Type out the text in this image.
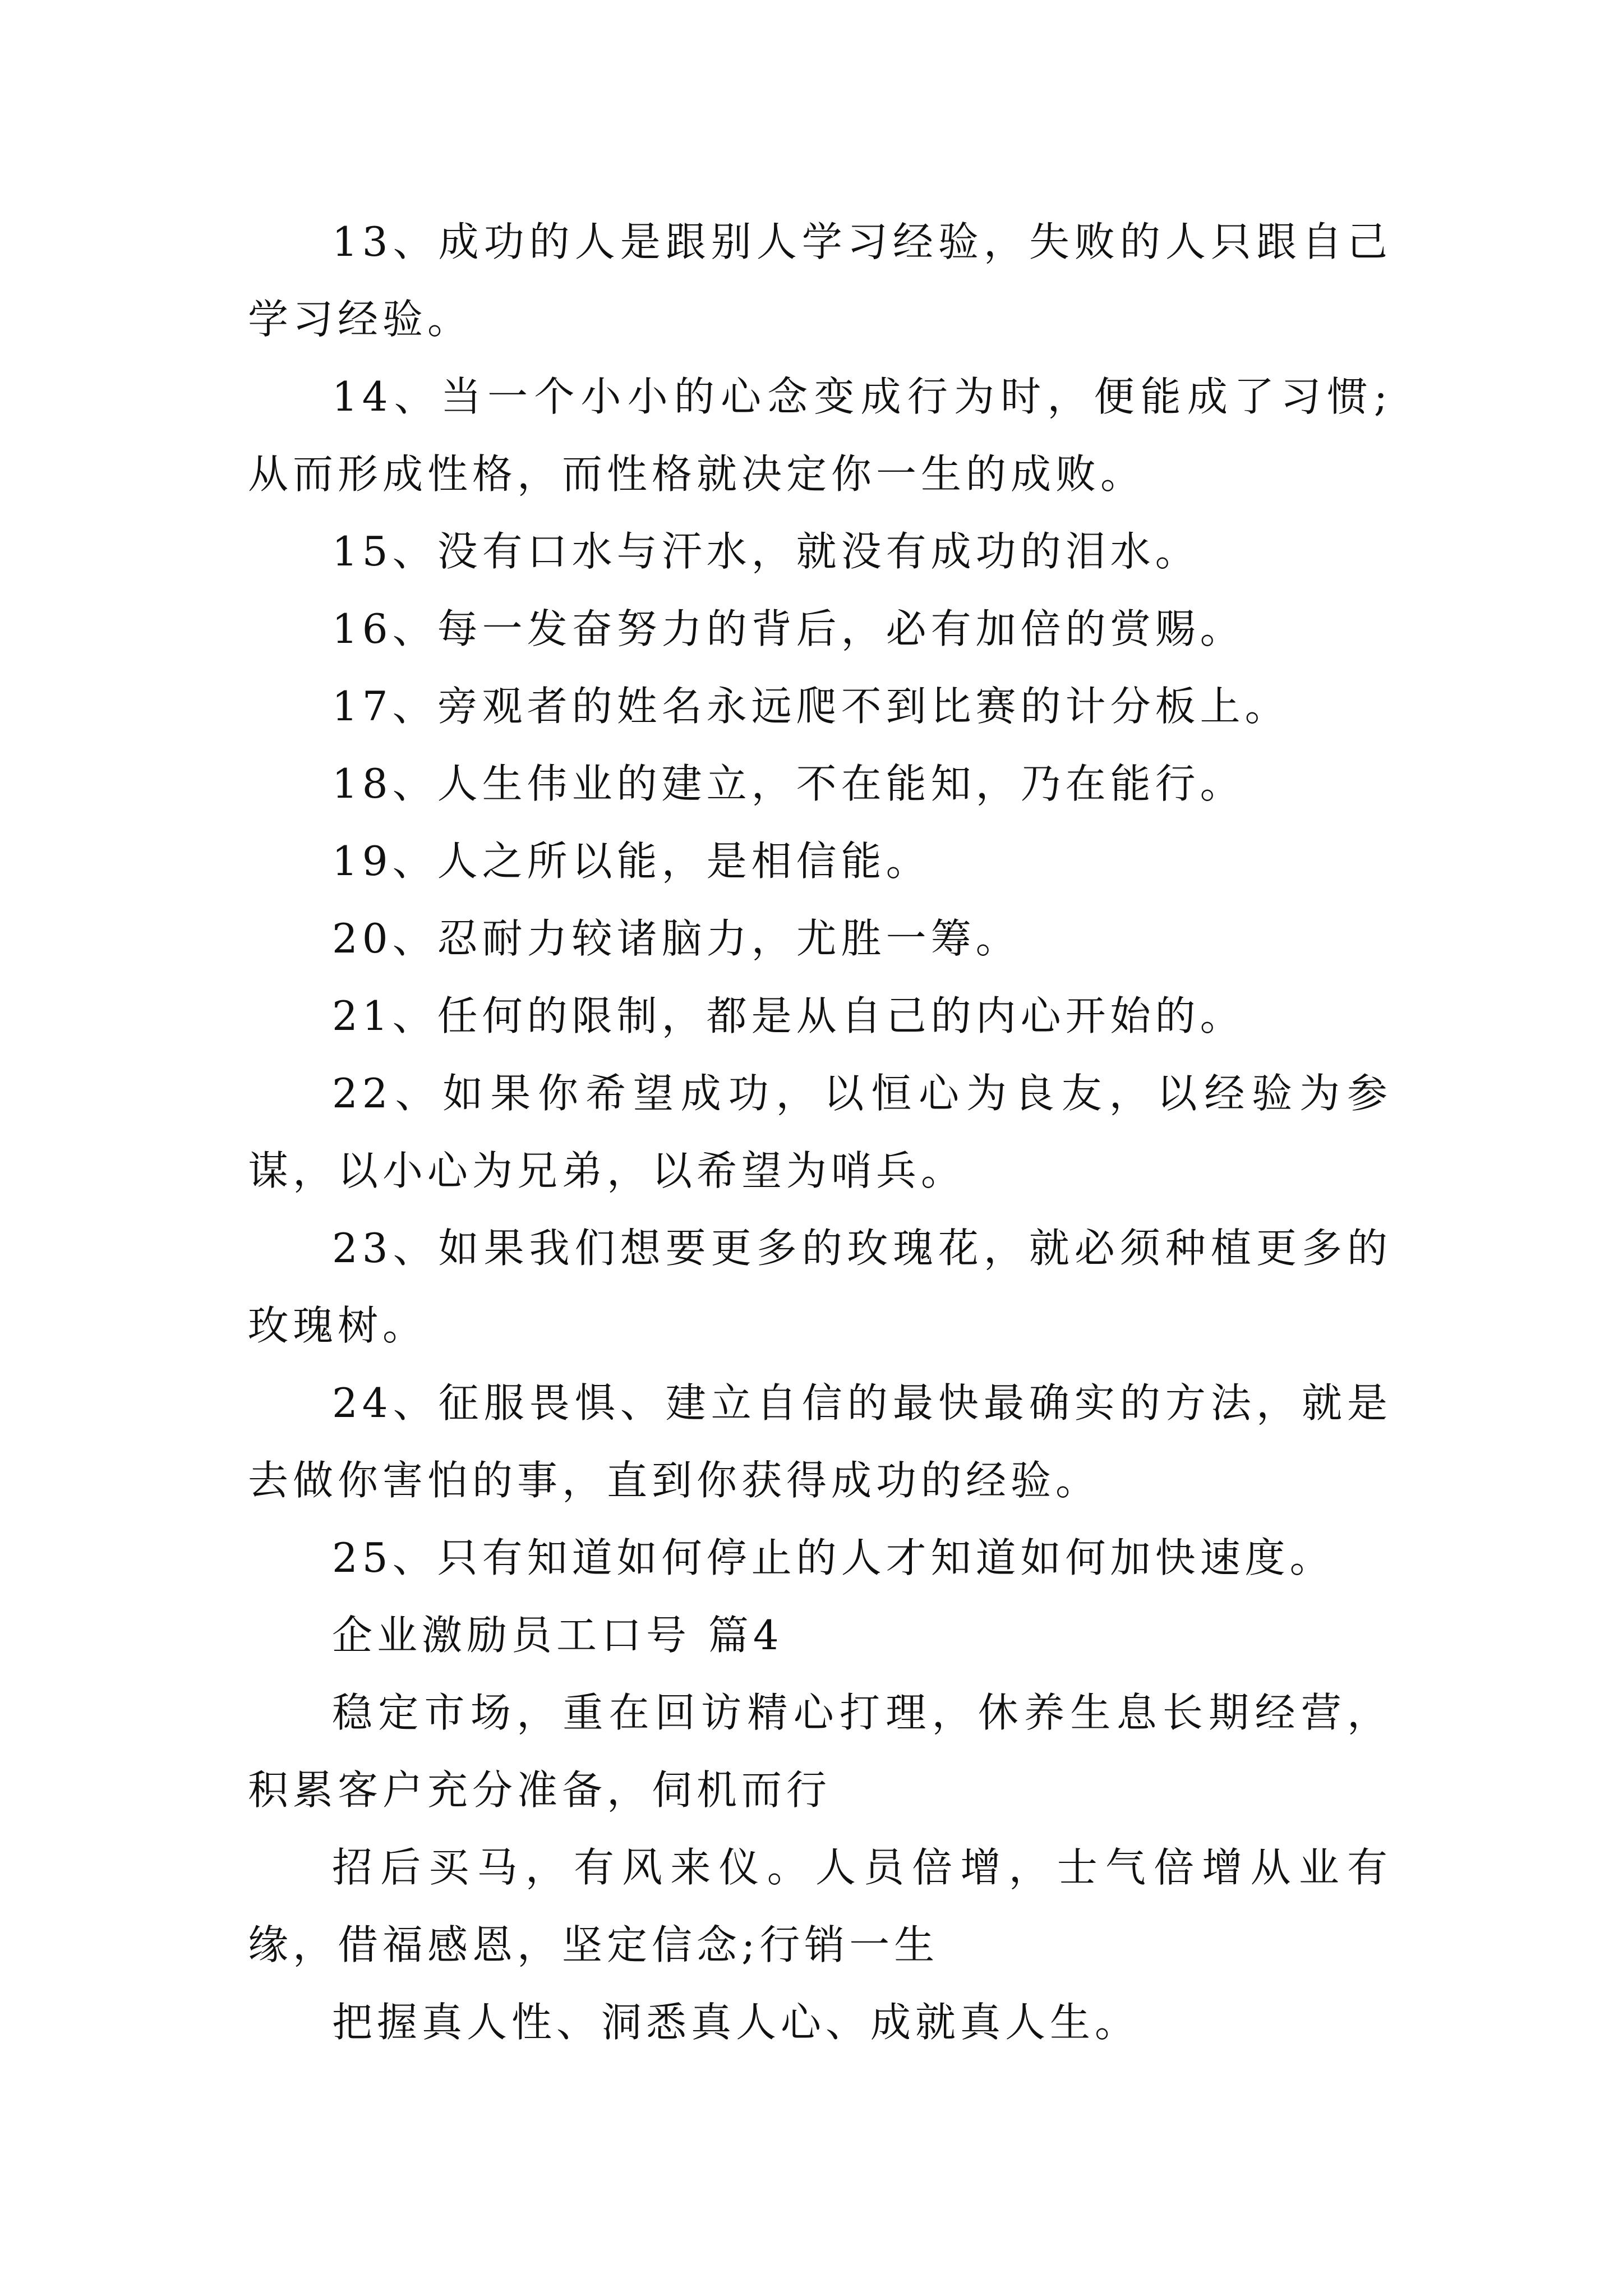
13、成功的人是跟别人学习经验，失败的人只跟自己学习经验。

14、当一个小小的心念变成行为时，便能成了习惯;从而形成性格，而性格就决定你一生的成败。

15、没有口水与汗水，就没有成功的泪水。

16、每一发奋努力的背后，必有加倍的赏赐。

17、旁观者的姓名永远爬不到比赛的计分板上。

18、人生伟业的建立，不在能知，乃在能行。

19、人之所以能，是相信能。

20、忍耐力较诸脑力，尤胜一筹。

21、任何的限制，都是从自己的内心开始的。

22、如果你希望成功，以恒心为良友，以经验为参谋，以小心为兄弟，以希望为哨兵。

23、如果我们想要更多的玫瑰花，就必须种植更多的玫瑰树。

24、征服畏惧、建立自信的最快最确实的方法，就是去做你害怕的事，直到你获得成功的经验。

25、只有知道如何停止的人才知道如何加快速度。

企业激励员工口号 篇4

稳定市场，重在回访精心打理，休养生息长期经营，积累客户充分准备，伺机而行

招后买马，有风来仪。人员倍增，士气倍增从业有缘，借福感恩，坚定信念;行销一生

把握真人性、洞悉真人心、成就真人生。
